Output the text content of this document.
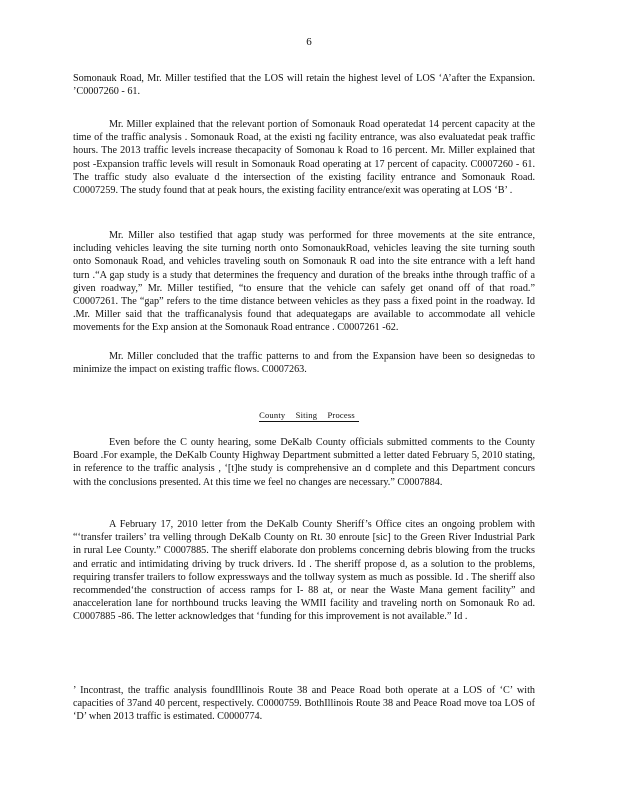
6

Somonauk Road, Mr. Miller testified that the LOS will retain the highest level of LOS ‘A’after the Expansion. ’C0007260 - 61.

Mr. Miller explained that the relevant portion of Somonauk Road operatedat 14 percent capacity at the time of the traffic analysis . Somonauk Road, at the existi ng facility entrance, was also evaluatedat peak traffic hours. The 2013 traffic levels increase thecapacity of Somonau k Road to 16 percent. Mr. Miller explained that post -Expansion traffic levels will result in Somonauk Road operating at 17 percent of capacity. C0007260 - 61. The traffic study also evaluate d the intersection of the existing facility entrance and Somonauk Road. C0007259. The study found that at peak hours, the existing facility entrance/exit was operating at LOS ‘B’ .

Mr. Miller also testified that agap study was performed for three movements at the site entrance, including vehicles leaving the site turning north onto SomonaukRoad, vehicles leaving the site turning south onto Somonauk Road, and vehicles traveling south on Somonauk R oad into the site entrance with a left hand turn .“A gap study is a study that determines the frequency and duration of the breaks inthe through traffic of a given roadway,” Mr. Miller testified, “to ensure that the vehicle can safely get onand off of that road.” C0007261. The “gap” refers to the time distance between vehicles as they pass a fixed point in the roadway. Id .Mr. Miller said that the trafficanalysis found that adequategaps are available to accommodate all vehicle movements for the Exp ansion at the Somonauk Road entrance . C0007261 -62.

Mr. Miller concluded that the traffic patterns to and from the Expansion have been so designedas to minimize the impact on existing traffic flows. C0007263.

County Siting Process

Even before the C ounty hearing, some DeKalb County officials submitted comments to the County Board .For example, the DeKalb County Highway Department submitted a letter dated February 5, 2010 stating, in reference to the traffic analysis , ‘[t]he study is comprehensive an d complete and this Department concurs with the conclusions presented. At this time we feel no changes are necessary.” C0007884.

A February 17, 2010 letter from the DeKalb County Sheriff’s Office cites an ongoing problem with “‘transfer trailers’ tra velling through DeKalb County on Rt. 30 enroute [sic] to the Green River Industrial Park in rural Lee County.” C0007885. The sheriff elaborate don problems concerning debris blowing from the trucks and erratic and intimidating driving by truck drivers. Id . The sheriff propose d, as a solution to the problems, requiring transfer trailers to follow expressways and the tollway system as much as possible. Id . The sheriff also recommended‘the construction of access ramps for I- 88 at, or near the Waste Mana gement facility” and anacceleration lane for northbound trucks leaving the WMII facility and traveling north on Somonauk Ro ad. C0007885 -86. The letter acknowledges that ‘funding for this improvement is not available.” Id .

’ Incontrast, the traffic analysis foundIllinois Route 38 and Peace Road both operate at a LOS of ‘C’ with capacities of 37and 40 percent, respectively. C0000759. BothIllinois Route 38 and Peace Road move toa LOS of ‘D’ when 2013 traffic is estimated. C0000774.
